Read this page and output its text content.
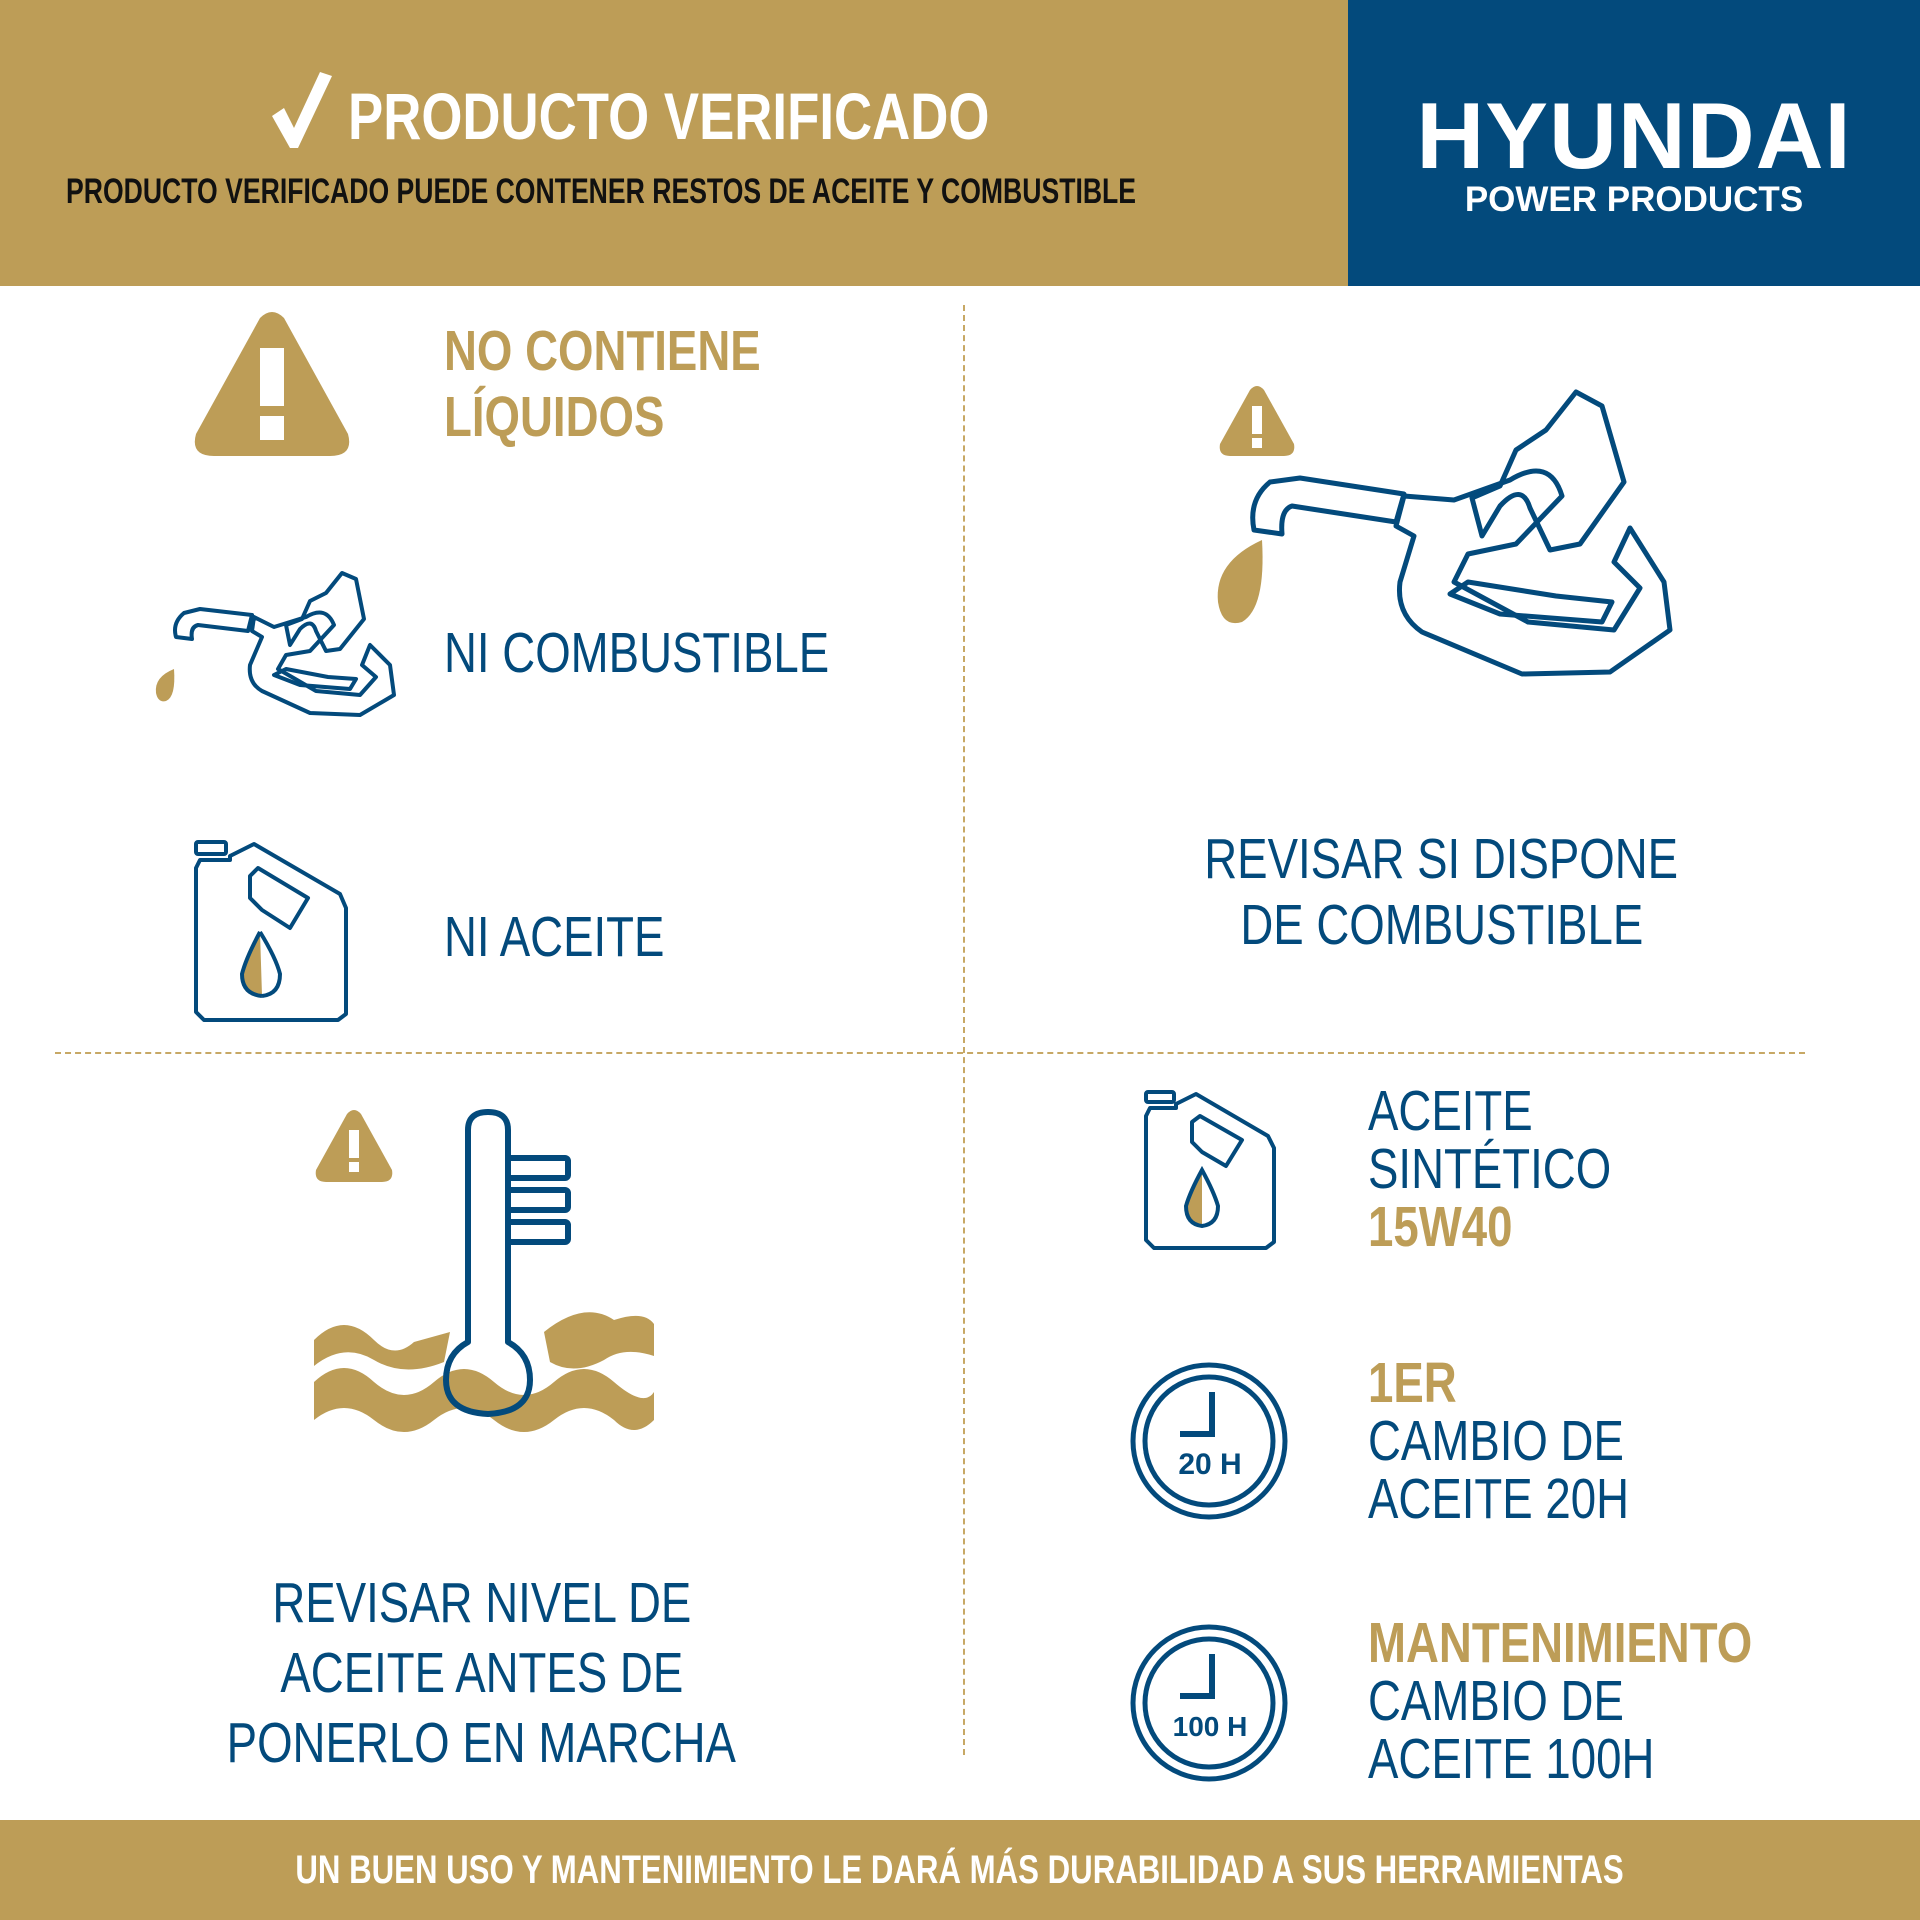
PRODUCTO VERIFICADO
PRODUCTO VERIFICADO PUEDE CONTENER RESTOS DE ACEITE Y COMBUSTIBLE
HYUNDAI
POWER PRODUCTS
NO CONTIENE
LÍQUIDOS
NI COMBUSTIBLE
NI ACEITE
REVISAR SI DISPONE
DE COMBUSTIBLE
REVISAR NIVEL DE
ACEITE ANTES DE
PONERLO EN MARCHA
ACEITE
SINTÉTICO
15W40
20 H
1ER
CAMBIO DE
ACEITE 20H
100 H
MANTENIMIENTO
CAMBIO DE
ACEITE 100H
UN BUEN USO Y MANTENIMIENTO LE DARÁ MÁS DURABILIDAD A SUS HERRAMIENTAS
